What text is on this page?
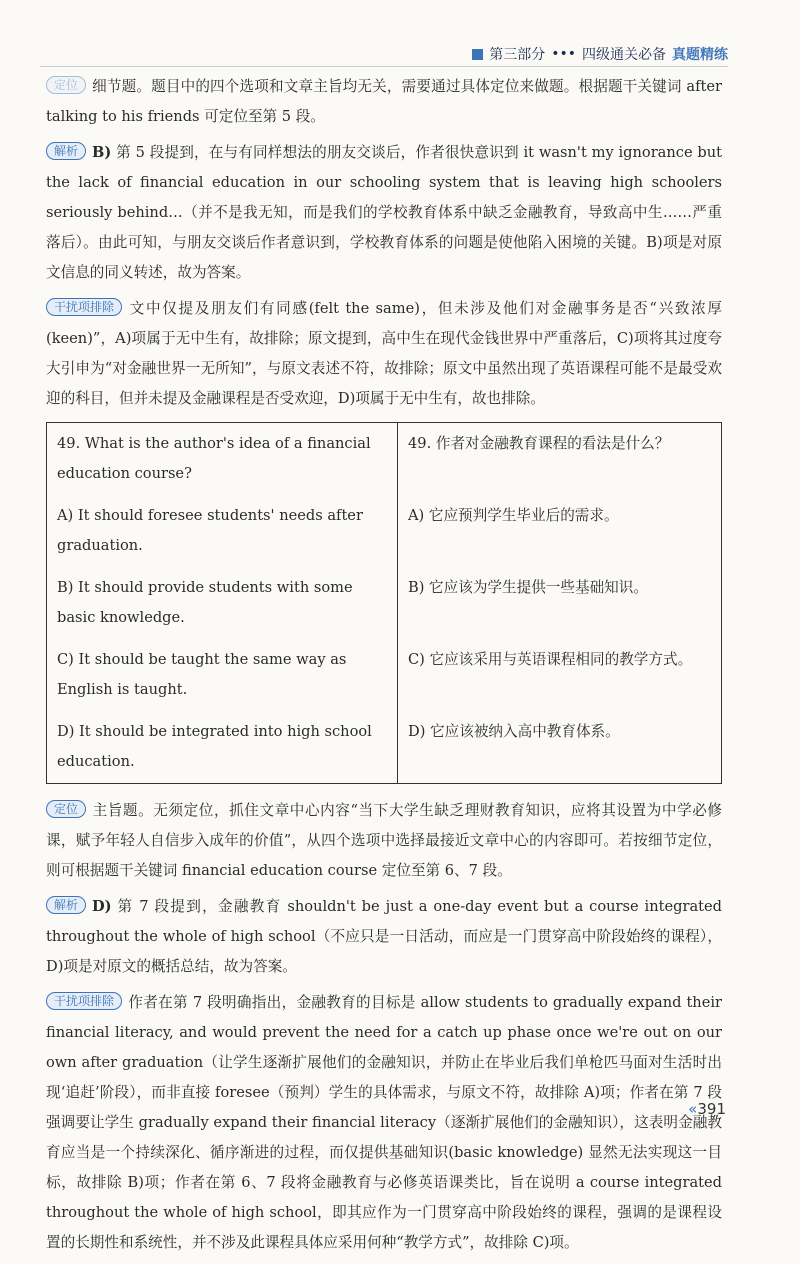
第三部分 ••• 四级通关必备 真题精练

定位 细节题。题目中的四个选项和文章主旨均无关，需要通过具体定位来做题。根据题干关键词 after talking to his friends 可定位至第 5 段。

解析 B) 第 5 段提到，在与有同样想法的朋友交谈后，作者很快意识到 it wasn't my ignorance but the lack of financial education in our schooling system that is leaving high schoolers seriously behind…（并不是我无知，而是我们的学校教育体系中缺乏金融教育，导致高中生……严重落后）。由此可知，与朋友交谈后作者意识到，学校教育体系的问题是使他陷入困境的关键。B)项是对原文信息的同义转述，故为答案。

干扰项排除 文中仅提及朋友们有同感(felt the same)，但未涉及他们对金融事务是否“兴致浓厚(keen)”，A)项属于无中生有，故排除；原文提到，高中生在现代金钱世界中严重落后，C)项将其过度夸大引申为“对金融世界一无所知”，与原文表述不符，故排除；原文中虽然出现了英语课程可能不是最受欢迎的科目，但并未提及金融课程是否受欢迎，D)项属于无中生有，故也排除。

49. What is the author's idea of a financial education course?	49. 作者对金融教育课程的看法是什么？
A) It should foresee students' needs after graduation.	A) 它应预判学生毕业后的需求。
B) It should provide students with some basic knowledge.	B) 它应该为学生提供一些基础知识。
C) It should be taught the same way as English is taught.	C) 它应该采用与英语课程相同的教学方式。
D) It should be integrated into high school education.	D) 它应该被纳入高中教育体系。

定位 主旨题。无须定位，抓住文章中心内容“当下大学生缺乏理财教育知识，应将其设置为中学必修课，赋予年轻人自信步入成年的价值”，从四个选项中选择最接近文章中心的内容即可。若按细节定位，则可根据题干关键词 financial education course 定位至第 6、7 段。

解析 D) 第 7 段提到，金融教育 shouldn't be just a one-day event but a course integrated throughout the whole of high school（不应只是一日活动，而应是一门贯穿高中阶段始终的课程），D)项是对原文的概括总结，故为答案。

干扰项排除 作者在第 7 段明确指出，金融教育的目标是 allow students to gradually expand their financial literacy, and would prevent the need for a catch up phase once we're out on our own after graduation（让学生逐渐扩展他们的金融知识，并防止在毕业后我们单枪匹马面对生活时出现‘追赶’阶段），而非直接 foresee（预判）学生的具体需求，与原文不符，故排除 A)项；作者在第 7 段强调要让学生 gradually expand their financial literacy（逐渐扩展他们的金融知识），这表明金融教育应当是一个持续深化、循序渐进的过程，而仅提供基础知识(basic knowledge) 显然无法实现这一目标，故排除 B)项；作者在第 6、7 段将金融教育与必修英语课类比，旨在说明 a course integrated throughout the whole of high school，即其应作为一门贯穿高中阶段始终的课程，强调的是课程设置的长期性和系统性，并不涉及此课程具体应采用何种“教学方式”，故排除 C)项。

«391
